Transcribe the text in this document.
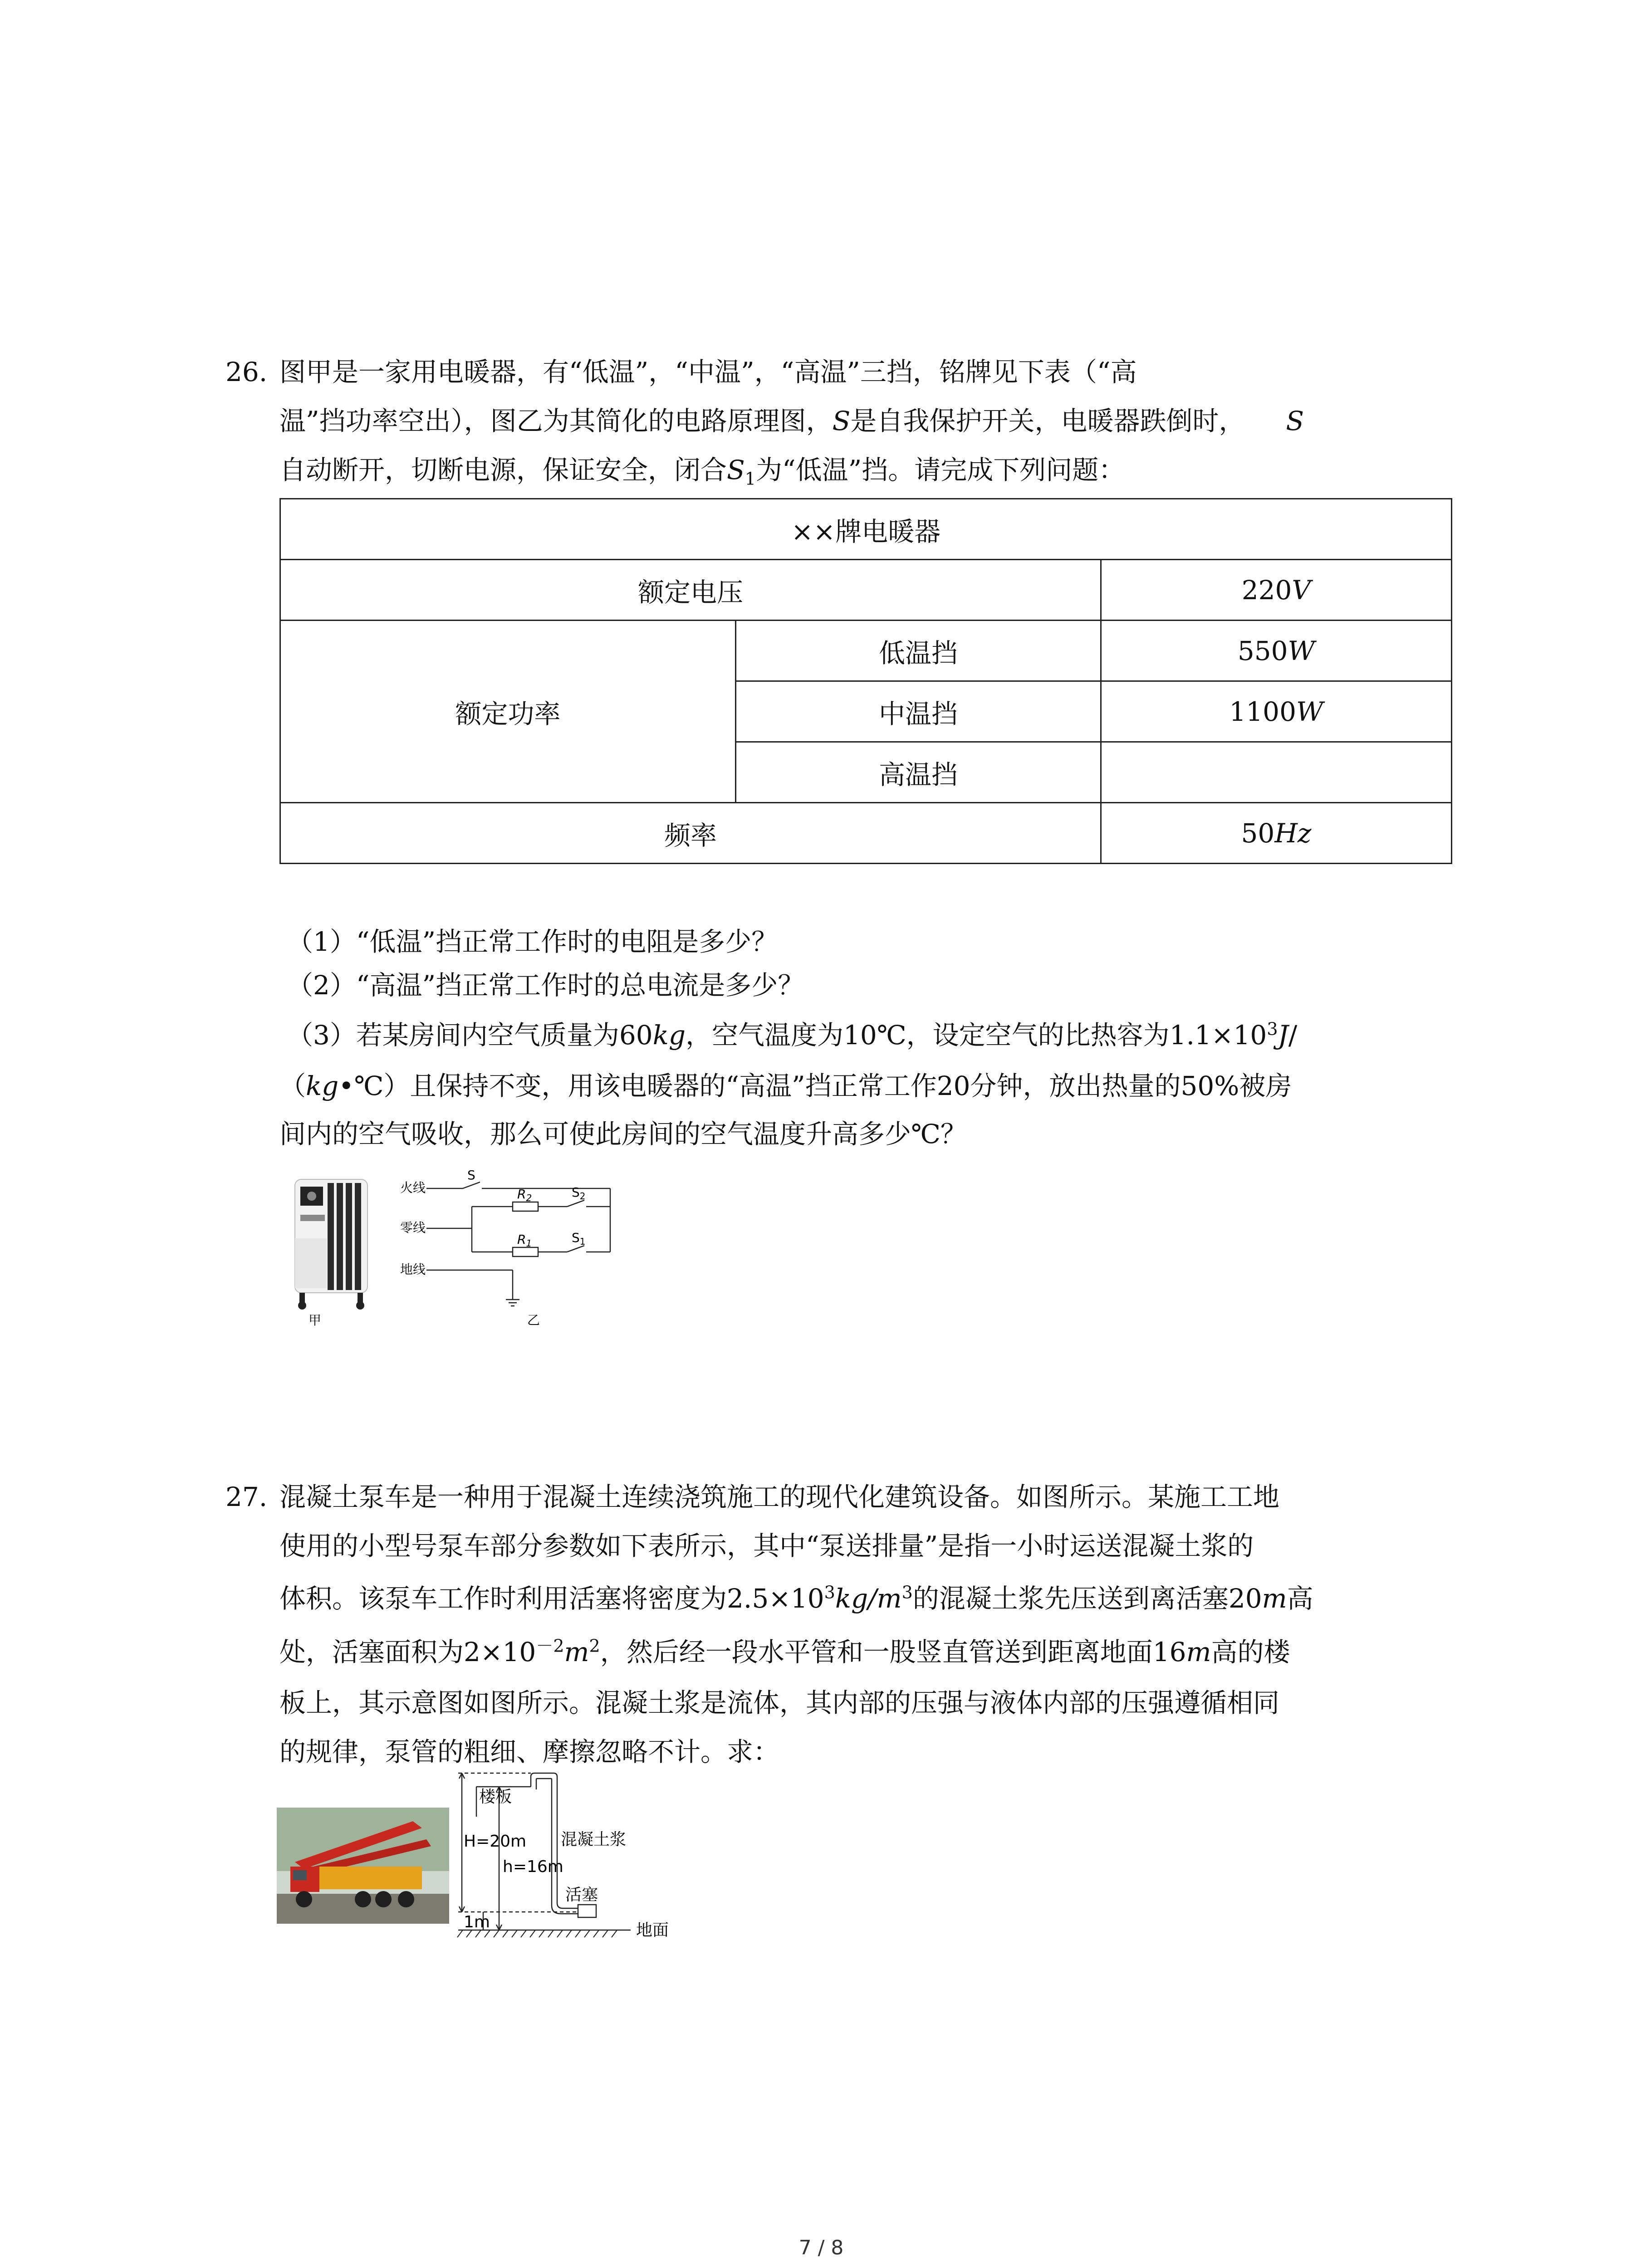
26. 图甲是一家用电暖器，有“低温”，“中温”，“高温”三挡，铭牌见下表（“高
温”挡功率空出），图乙为其简化的电路原理图，S是自我保护开关，电暖器跌倒时， S
自动断开，切断电源，保证安全，闭合$S_1$为“低温”挡。请完成下列问题：
××牌电暖器		
额定电压		220V
额定功率	低温挡	550W
	中温挡	1100W
	高温挡	
频率		50Hz
（1）“低温”挡正常工作时的电阻是多少？
（2）“高温”挡正常工作时的总电流是多少？
（3）若某房间内空气质量为60kg，空气温度为10℃，设定空气的比热容为$1.1\times 10^3J/$
（kg•℃）且保持不变，用该电暖器的“高温”挡正常工作20分钟，放出热量的50%被房
间内的空气吸收，那么可使此房间的空气温度升高多少℃？
甲
火线
零线
地线
S
$R_2$	$S_2$
$R_1$	$S_1$
乙
27. 混凝土泵车是一种用于混凝土连续浇筑施工的现代化建筑设备。如图所示。某施工工地
使用的小型号泵车部分参数如下表所示，其中“泵送排量”是指一小时运送混凝土浆的
体积。该泵车工作时利用活塞将密度为$2.5\times 10^3kg/m^3$的混凝土浆先压送到离活塞20m高
处，活塞面积为$2\times 10^{-2}m^2$，然后经一段水平管和一股竖直管送到距离地面16m高的楼
板上，其示意图如图所示。混凝土浆是流体，其内部的压强与液体内部的压强遵循相同
的规律，泵管的粗细、摩擦忽略不计。求：
楼板
H=20m
h=16m
混凝土浆
活塞
1m	地面
7 / 8
